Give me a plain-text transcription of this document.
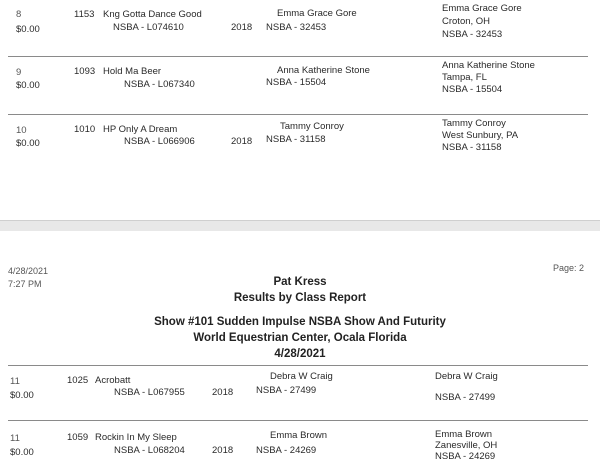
8	1153 Kng Gotta Dance Good
$0.00	NSBA - L074610	2018
Emma Grace Gore
NSBA - 32453
Emma Grace Gore
Croton, OH
NSBA - 32453
9	1093 Hold Ma Beer
$0.00	NSBA - L067340
Anna Katherine Stone
NSBA - 15504
Anna Katherine Stone
Tampa, FL
NSBA - 15504
10	1010 HP Only A Dream
$0.00	NSBA - L066906	2018
Tammy Conroy
NSBA - 31158
Tammy Conroy
West Sunbury, PA
NSBA - 31158
4/28/2021
7:27 PM
Page: 2
Pat Kress
Results by Class Report
Show #101 Sudden Impulse NSBA Show And Futurity
World Equestrian Center, Ocala Florida
4/28/2021
11	1025 Acrobatt
$0.00	NSBA - L067955	2018
Debra W Craig
NSBA - 27499
Debra W Craig
NSBA - 27499
11	1059 Rockin In My Sleep
$0.00	NSBA - L068204	2018
Emma Brown
NSBA - 24269
Emma Brown
Zanesville, OH
NSBA - 24269
